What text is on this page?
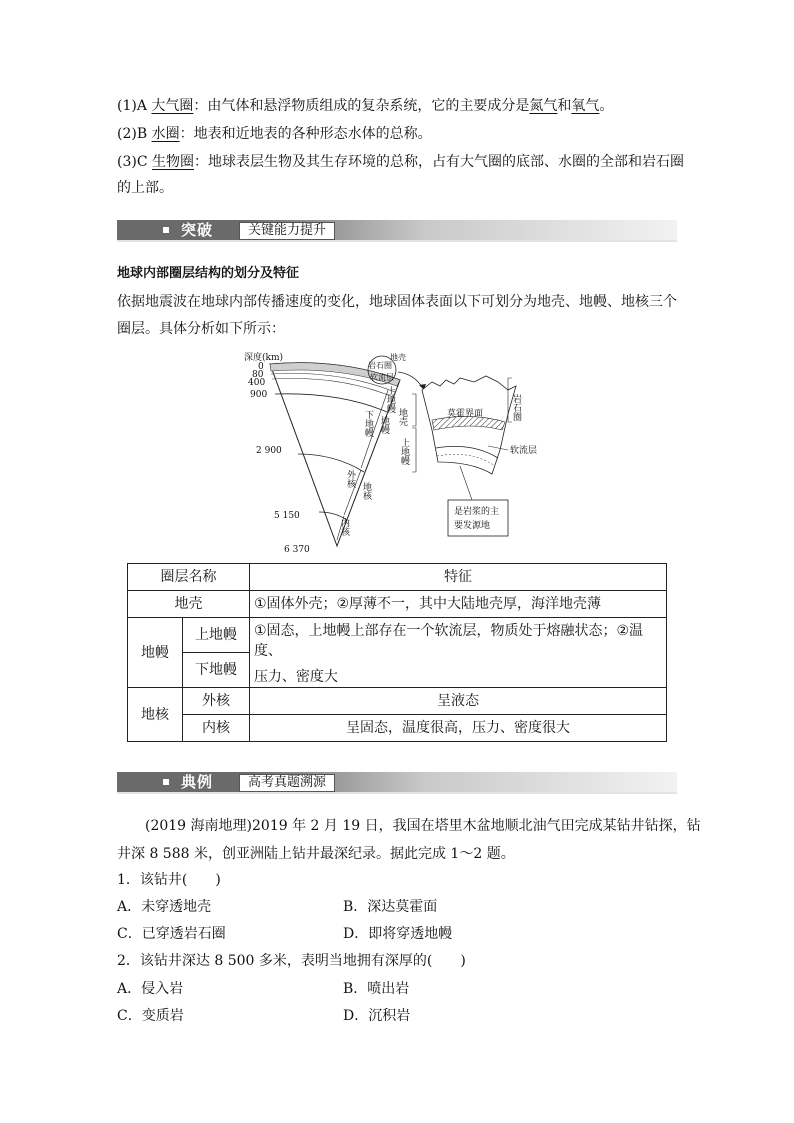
(1)A 大气圈：由气体和悬浮物质组成的复杂系统，它的主要成分是氮气和氧气。
(2)B 水圈：地表和近地表的各种形态水体的总称。
(3)C 生物圈：地球表层生物及其生存环境的总称，占有大气圈的底部、水圈的全部和岩石圈
的上部。
突破	关键能力提升
地球内部圈层结构的划分及特征
依据地震波在地球内部传播速度的变化，地球固体表面以下可划分为地壳、地幔、地核三个
圈层。具体分析如下所示：
深度(km)
0
80
400
900
2 900
5 150
6 370
地壳
岩石圈
软流层
上地幔
下地幔 地幔
外核
地核
内核
莫霍界面
地壳
上地幔
岩石圈
软流层
是岩浆的主
要发源地
圈层名称		特征
地壳		①固体外壳；②厚薄不一，其中大陆地壳厚，海洋地壳薄
地幔	上地幔	①固态，上地幔上部存在一个软流层，物质处于熔融状态；②温度、
压力、密度大

	下地幔	
地核	外核	呈液态
	内核	呈固态，温度很高，压力、密度很大
典例	高考真题溯源
(2019 海南地理)2019 年 2 月 19 日，我国在塔里木盆地顺北油气田完成某钻井钻探，钻
井深 8 588 米，创亚洲陆上钻井最深纪录。据此完成 1～2 题。
1．该钻井(　　)
A．未穿透地壳	B．深达莫霍面
C．已穿透岩石圈	D．即将穿透地幔
2．该钻井深达 8 500 多米，表明当地拥有深厚的(　　)
A．侵入岩	B．喷出岩
C．变质岩	D．沉积岩
